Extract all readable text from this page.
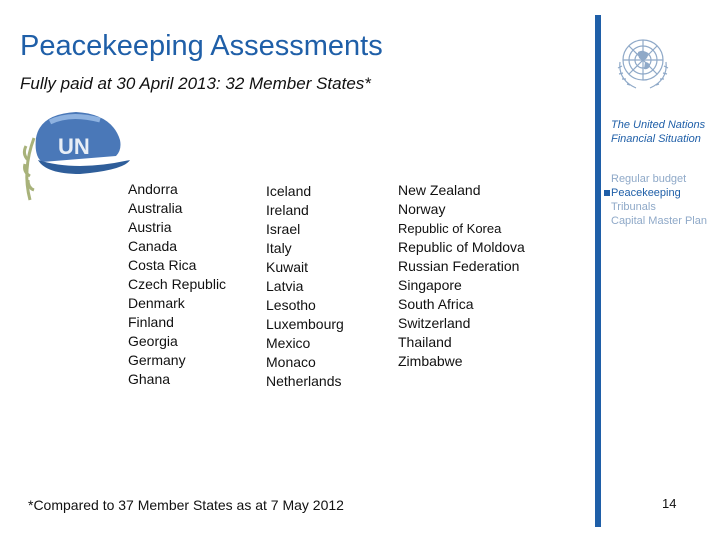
Peacekeeping Assessments
Fully paid at 30 April 2013: 32 Member States*
UN
The United Nations
Financial Situation
Regular budget
Peacekeeping
Tribunals
Capital Master Plan
Andorra
Australia
Austria
Canada
Costa Rica
Czech Republic
Denmark
Finland
Georgia
Germany
Ghana
Iceland
Ireland
Israel
Italy
Kuwait
Latvia
Lesotho
Luxembourg
Mexico
Monaco
Netherlands
New Zealand
Norway
Republic of Korea
Republic of Moldova
Russian Federation
Singapore
South Africa
Switzerland
Thailand
Zimbabwe
*Compared to 37 Member States as at 7 May 2012	14
